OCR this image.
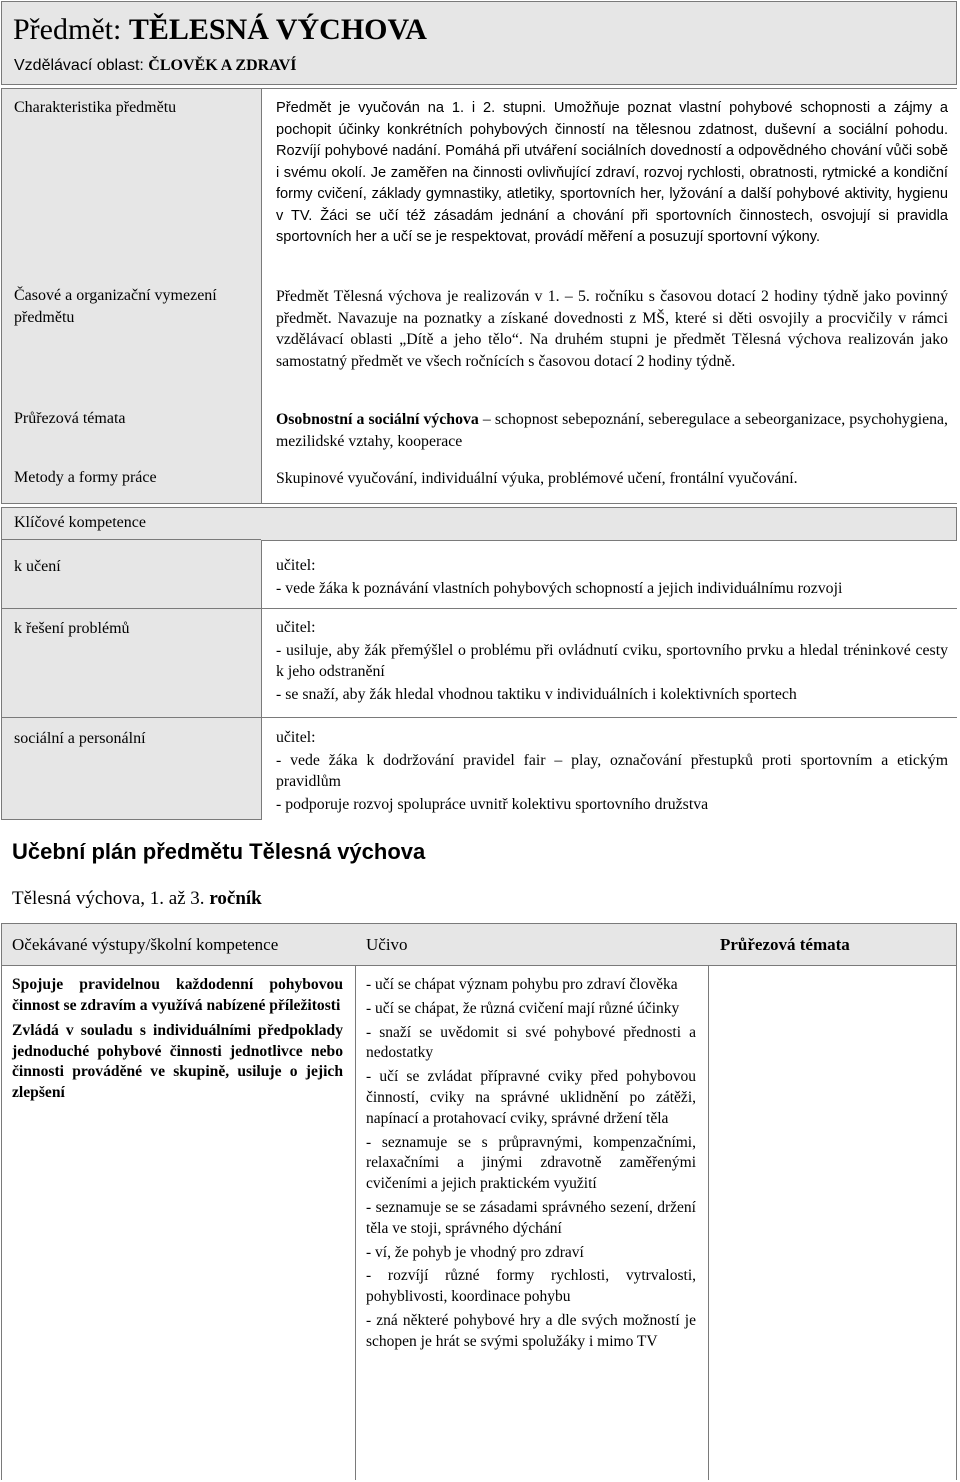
Předmět: TĚLESNÁ VÝCHOVA
Vzdělávací oblast: ČLOVĚK A ZDRAVÍ
Charakteristika předmětu
Časové a organizační vymezení předmětu
Průřezová témata
Metody a formy práce
Předmět je vyučován na 1. i 2. stupni. Umožňuje poznat vlastní pohybové schopnosti a zájmy a pochopit účinky konkrétních pohybových činností na tělesnou zdatnost, duševní a sociální pohodu. Rozvíjí pohybové nadání. Pomáhá při utváření sociálních dovedností a odpovědného chování vůči sobě i svému okolí. Je zaměřen na činnosti ovlivňující zdraví, rozvoj rychlosti, obratnosti, rytmické a kondiční formy cvičení, základy gymnastiky, atletiky, sportovních her, lyžování a další pohybové aktivity, hygienu v TV. Žáci se učí též zásadám jednání a chování při sportovních činnostech, osvojují si pravidla sportovních her a učí se je respektovat, provádí měření a posuzují sportovní výkony.
Předmět Tělesná výchova je realizován v 1. – 5. ročníku s časovou dotací 2 hodiny týdně jako povinný předmět. Navazuje na poznatky a získané dovednosti z MŠ, které si děti osvojily a procvičily v rámci vzdělávací oblasti „Dítě a jeho tělo“. Na druhém stupni je předmět Tělesná výchova realizován jako samostatný předmět ve všech ročnících s časovou dotací 2 hodiny týdně.
Osobnostní a sociální výchova – schopnost sebepoznání, seberegulace a sebeorganizace, psychohygiena, mezilidské vztahy, kooperace
Skupinové vyučování, individuální výuka, problémové učení, frontální vyučování.
Klíčové kompetence
k učení
k řešení problémů
sociální a personální
učitel:
- vede žáka k poznávání vlastních pohybových schopností a jejich individuálnímu rozvoji
učitel:
- usiluje, aby žák přemýšlel o problému při ovládnutí cviku, sportovního prvku a hledal tréninkové cesty k jeho odstranění
- se snaží, aby žák hledal vhodnou taktiku v individuálních i kolektivních sportech
učitel:
- vede žáka k dodržování pravidel fair – play, označování přestupků proti sportovním a etickým pravidlům
- podporuje rozvoj spolupráce uvnitř kolektivu sportovního družstva
Učební plán předmětu Tělesná výchova
Tělesná výchova, 1. až 3. ročník
Očekávané výstupy/školní kompetence	Učivo	Průřezová témata

Spojuje pravidelnou každodenní pohybovou činnost se zdravím a využívá nabízené příležitosti

Zvládá v souladu s individuálními předpoklady jednoduché pohybové činnosti jednotlivce nebo činnosti prováděné ve skupině, usiluje o jejich zlepšení

- učí se chápat význam pohybu pro zdraví člověka
- učí se chápat, že různá cvičení mají různé účinky
- snaží se uvědomit si své pohybové přednosti a nedostatky
- učí se zvládat přípravné cviky před pohybovou činností, cviky na správné uklidnění po zátěži, napínací a protahovací cviky, správné držení těla
- seznamuje se s průpravnými, kompenzačními, relaxačními a jinými zdravotně zaměřenými cvičeními a jejich praktickém využití
- seznamuje se se zásadami správného sezení, držení těla ve stoji, správného dýchání
- ví, že pohyb je vhodný pro zdraví
- rozvíjí různé formy rychlosti, vytrvalosti, pohyblivosti, koordinace pohybu
- zná některé pohybové hry a dle svých možností je schopen je hrát se svými spolužáky i mimo TV
